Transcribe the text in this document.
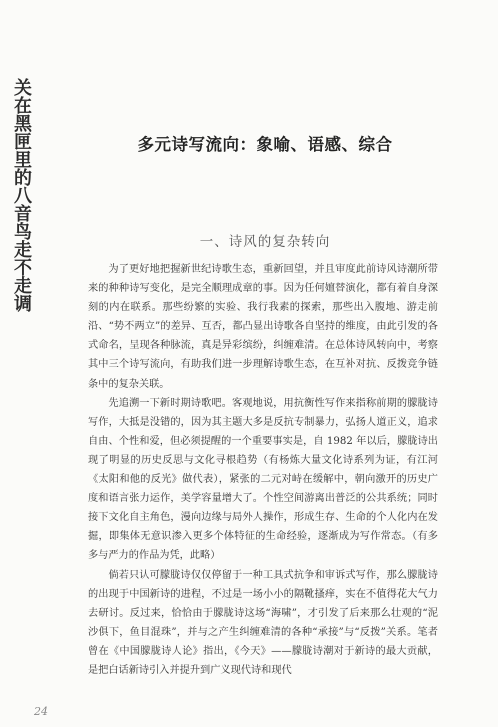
关在黑匣里的八音鸟走不走调	多元诗写流向：象喻、语感、综合
一、诗风的复杂转向

为了更好地把握新世纪诗歌生态，重新回望，并且审度此前诗风诗潮所带来的种种诗写变化，是完全顺理成章的事。因为任何嬗替演化，都有着自身深刻的内在联系。那些纷繁的实验、我行我素的探索，那些出入腹地、游走前沿、“势不两立”的差异、互否，都凸显出诗歌各自坚持的维度，由此引发的各式命名，呈现各种脉流，真是异彩缤纷，纠缠难清。在总体诗风转向中，考察其中三个诗写流向，有助我们进一步理解诗歌生态，在互补对抗、反拨竞争链条中的复杂关联。

先追溯一下新时期诗歌吧。客观地说，用抗衡性写作来指称前期的朦胧诗写作，大抵是没错的，因为其主题大多是反抗专制暴力，弘扬人道正义，追求自由、个性和爱，但必须提醒的一个重要事实是，自 1982 年以后，朦胧诗出现了明显的历史反思与文化寻根趋势（有杨炼大量文化诗系列为证，有江河《太阳和他的反光》做代表），紧张的二元对峙在缓解中，朝向激开的历史广度和语言张力运作，美学容量增大了。个性空间游离出普泛的公共系统；同时接下文化自主角色，漫向边缘与局外人操作，形成生存、生命的个人化内在发掘，即集体无意识渗入更多个体特征的生命经验，逐渐成为写作常态。（有多多与严力的作品为凭，此略）

倘若只认可朦胧诗仅仅停留于一种工具式抗争和审诉式写作，那么朦胧诗的出现于中国新诗的进程，不过是一场小小的隔靴搔痒，实在不值得花大气力去研讨。反过来，恰恰由于朦胧诗这场“海啸”，才引发了后来那么壮观的“泥沙俱下，鱼目混珠”，并与之产生纠缠难清的各种“承接”与“反拨”关系。笔者曾在《中国朦胧诗人论》指出，《今天》——朦胧诗潮对于新诗的最大贡献，是把白话新诗引入并提升到广义现代诗和现代

24
